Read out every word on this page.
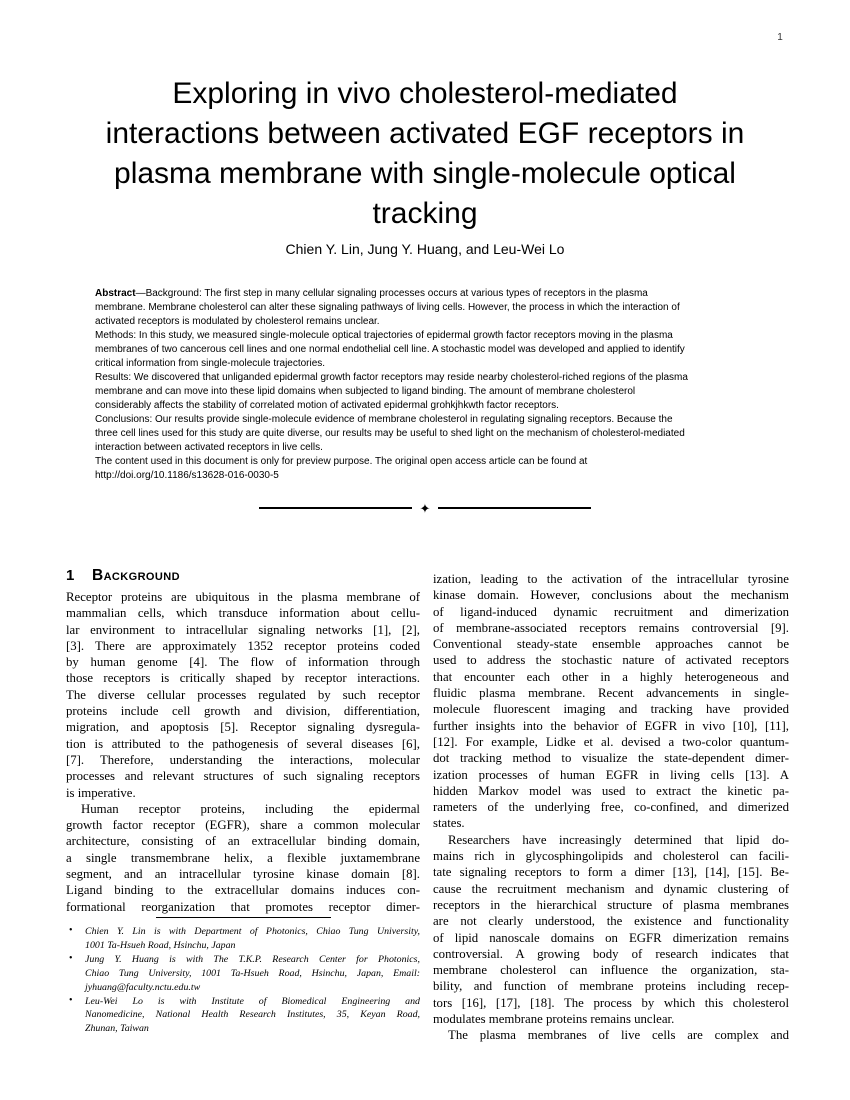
1
Exploring in vivo cholesterol-mediated
interactions between activated EGF receptors in
plasma membrane with single-molecule optical
tracking
Chien Y. Lin, Jung Y. Huang, and Leu-Wei Lo
Abstract—Background: The first step in many cellular signaling processes occurs at various types of receptors in the plasma
membrane. Membrane cholesterol can alter these signaling pathways of living cells. However, the process in which the interaction of
activated receptors is modulated by cholesterol remains unclear.
Methods: In this study, we measured single-molecule optical trajectories of epidermal growth factor receptors moving in the plasma
membranes of two cancerous cell lines and one normal endothelial cell line. A stochastic model was developed and applied to identify
critical information from single-molecule trajectories.
Results: We discovered that unliganded epidermal growth factor receptors may reside nearby cholesterol-riched regions of the plasma
membrane and can move into these lipid domains when subjected to ligand binding. The amount of membrane cholesterol
considerably affects the stability of correlated motion of activated epidermal grohkjhkwth factor receptors.
Conclusions: Our results provide single-molecule evidence of membrane cholesterol in regulating signaling receptors. Because the
three cell lines used for this study are quite diverse, our results may be useful to shed light on the mechanism of cholesterol-mediated
interaction between activated receptors in live cells.
The content used in this document is only for preview purpose. The original open access article can be found at
http://doi.org/10.1186/s13628-016-0030-5
✦
1 Background
Receptor proteins are ubiquitous in the plasma membrane of
mammalian cells, which transduce information about cellu-
lar environment to intracellular signaling networks [1], [2],
[3]. There are approximately 1352 receptor proteins coded
by human genome [4]. The flow of information through
those receptors is critically shaped by receptor interactions.
The diverse cellular processes regulated by such receptor
proteins include cell growth and division, differentiation,
migration, and apoptosis [5]. Receptor signaling dysregula-
tion is attributed to the pathogenesis of several diseases [6],
[7]. Therefore, understanding the interactions, molecular
processes and relevant structures of such signaling receptors
is imperative.
Human receptor proteins, including the epidermal
growth factor receptor (EGFR), share a common molecular
architecture, consisting of an extracellular binding domain,
a single transmembrane helix, a flexible juxtamembrane
segment, and an intracellular tyrosine kinase domain [8].
Ligand binding to the extracellular domains induces con-
formational reorganization that promotes receptor dimer-
ization, leading to the activation of the intracellular tyrosine
kinase domain. However, conclusions about the mechanism
of ligand-induced dynamic recruitment and dimerization
of membrane-associated receptors remains controversial [9].
Conventional steady-state ensemble approaches cannot be
used to address the stochastic nature of activated receptors
that encounter each other in a highly heterogeneous and
fluidic plasma membrane. Recent advancements in single-
molecule fluorescent imaging and tracking have provided
further insights into the behavior of EGFR in vivo [10], [11],
[12]. For example, Lidke et al. devised a two-color quantum-
dot tracking method to visualize the state-dependent dimer-
ization processes of human EGFR in living cells [13]. A
hidden Markov model was used to extract the kinetic pa-
rameters of the underlying free, co-confined, and dimerized
states.
Researchers have increasingly determined that lipid do-
mains rich in glycosphingolipids and cholesterol can facili-
tate signaling receptors to form a dimer [13], [14], [15]. Be-
cause the recruitment mechanism and dynamic clustering of
receptors in the hierarchical structure of plasma membranes
are not clearly understood, the existence and functionality
of lipid nanoscale domains on EGFR dimerization remains
controversial. A growing body of research indicates that
membrane cholesterol can influence the organization, sta-
bility, and function of membrane proteins including recep-
tors [16], [17], [18]. The process by which this cholesterol
modulates membrane proteins remains unclear.
The plasma membranes of live cells are complex and
• Chien Y. Lin is with Department of Photonics, Chiao Tung University,
1001 Ta-Hsueh Road, Hsinchu, Japan
• Jung Y. Huang is with The T.K.P. Research Center for Photonics,
Chiao Tung University, 1001 Ta-Hsueh Road, Hsinchu, Japan, Email:
jyhuang@faculty.nctu.edu.tw
• Leu-Wei Lo is with Institute of Biomedical Engineering and
Nanomedicine, National Health Research Institutes, 35, Keyan Road,
Zhunan, Taiwan
